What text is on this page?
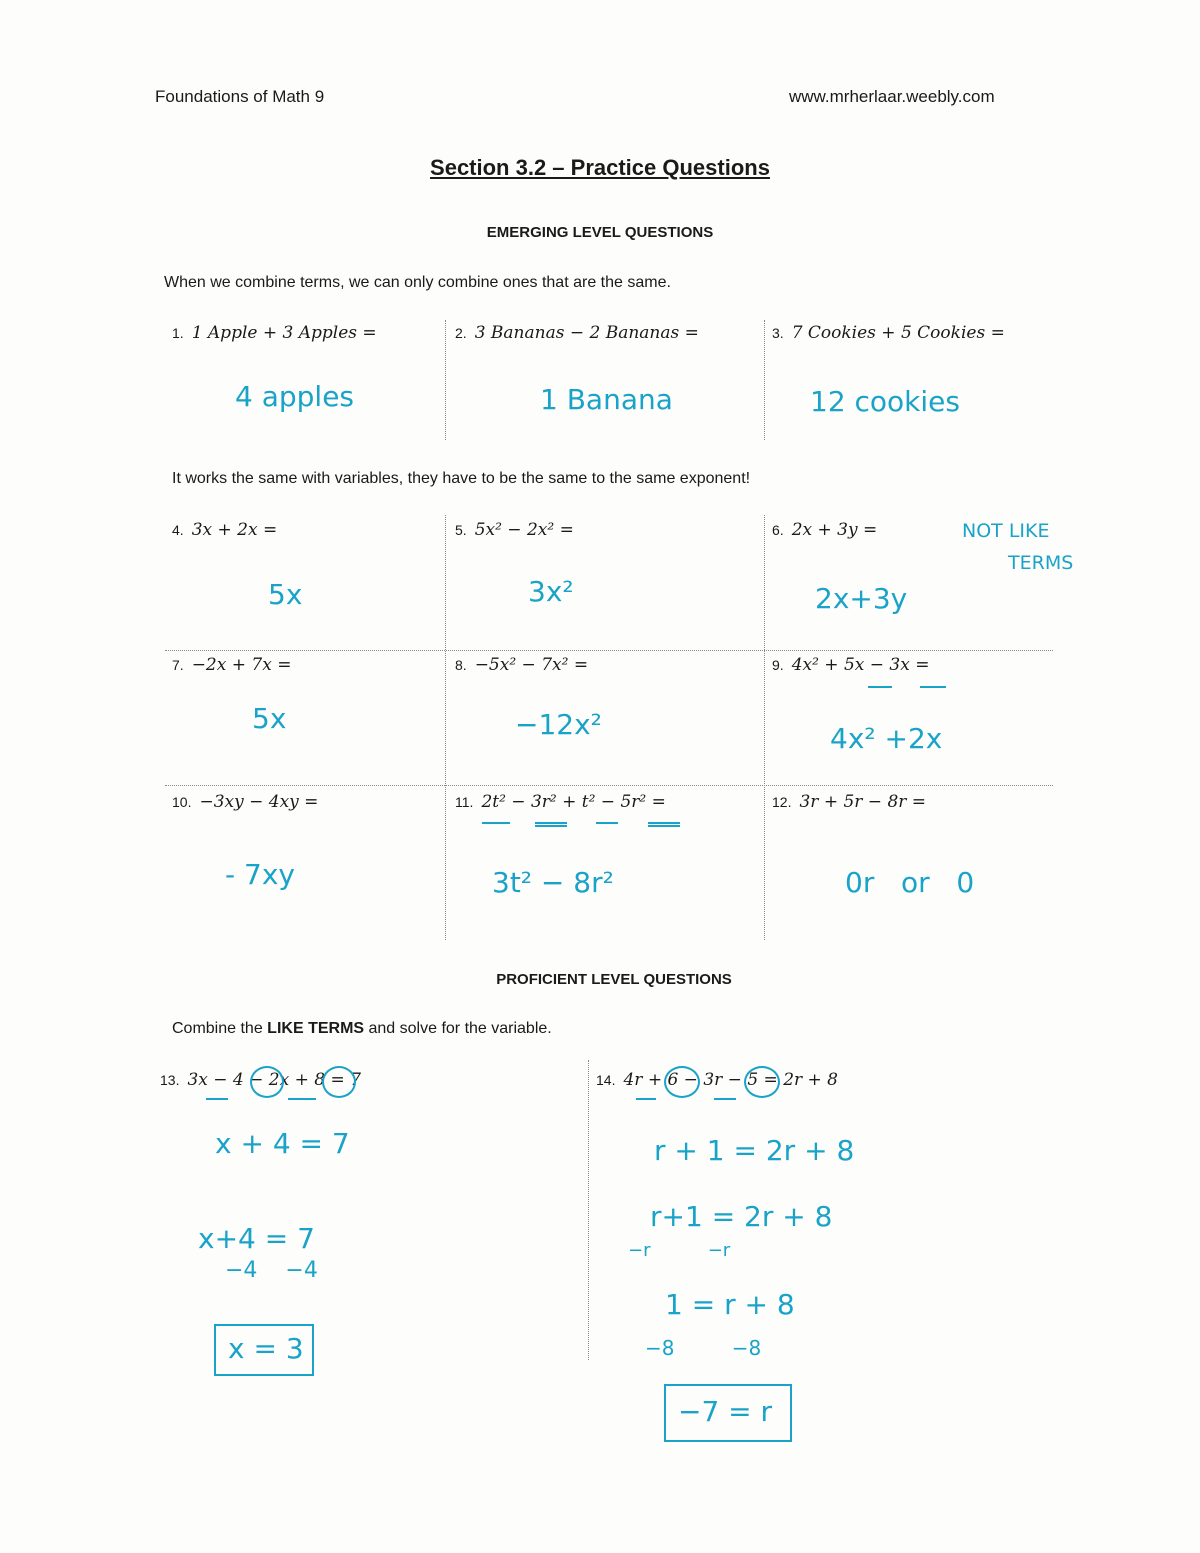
Foundations of Math 9	www.mrherlaar.weebly.com
Section 3.2 – Practice Questions
EMERGING LEVEL QUESTIONS
When we combine terms, we can only combine ones that are the same.
1. 1 Apple + 3 Apples =	2. 3 Bananas − 2 Bananas =	3. 7 Cookies + 5 Cookies =
4 apples	1 Banana	12 cookies
It works the same with variables, they have to be the same to the same exponent!
4. 3x + 2x =	5. 5x² − 2x² =	6. 2x + 3y =	NOT LIKE
TERMS
5x	3x²	2x+3y
7. −2x + 7x =	8. −5x² − 7x² =	9. 4x² + 5x − 3x =
5x	−12x²	4x² +2x
10. −3xy − 4xy =	11. 2t² − 3r² + t² − 5r² =	12. 3r + 5r − 8r =
- 7xy	3t² − 8r²	0r   or   0
PROFICIENT LEVEL QUESTIONS
Combine the LIKE TERMS and solve for the variable.
13. 3x − 4 − 2x + 8 = 7
x + 4 = 7
x+4 = 7
−4    −4
x = 3
14. 4r + 6 − 3r − 5 = 2r + 8
r + 1 = 2r + 8
r+1 = 2r + 8
−r          −r
1 = r + 8
−8         −8
−7 = r
